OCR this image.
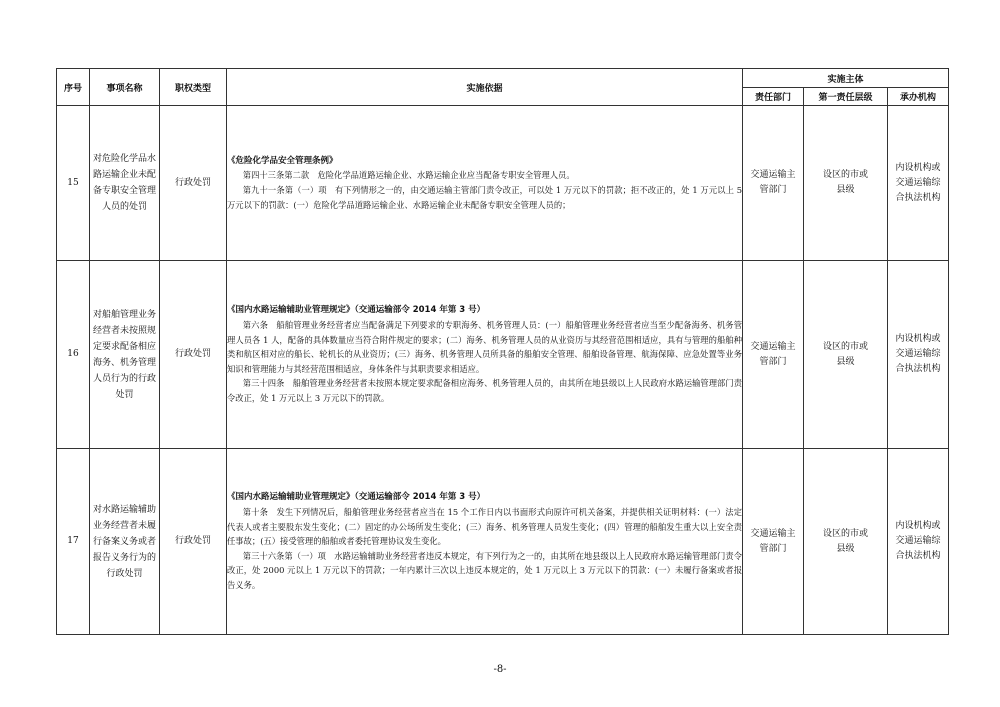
序号	事项名称	职权类型	实施依据	实施主体		
				责任部门	第一责任层级	承办机构
15	对危险化学品水路运输企业未配备专职安全管理人员的处罚	行政处罚	《危险化学品安全管理条例》

第四十三条第二款　危险化学品道路运输企业、水路运输企业应当配备专职安全管理人员。

第九十一条第（一）项　有下列情形之一的，由交通运输主管部门责令改正，可以处 1 万元以下的罚款；拒不改正的，处 1 万元以上 5 万元以下的罚款：(一）危险化学品道路运输企业、水路运输企业未配备专职安全管理人员的；	交通运输主管部门	设区的市或县级	内设机构或交通运输综合执法机构
16	对船舶管理业务经营者未按照规定要求配备相应海务、机务管理人员行为的行政处罚	行政处罚	《国内水路运输辅助业管理规定》（交通运输部令 2014 年第 3 号）

第六条　船舶管理业务经营者应当配备满足下列要求的专职海务、机务管理人员：(一）船舶管理业务经营者应当至少配备海务、机务管理人员各 1 人，配备的具体数量应当符合附件规定的要求；(二）海务、机务管理人员的从业资历与其经营范围相适应，具有与管理的船舶种类和航区相对应的船长、轮机长的从业资历；(三）海务、机务管理人员所具备的船舶安全管理、船舶设备管理、航海保障、应急处置等业务知识和管理能力与其经营范围相适应，身体条件与其职责要求相适应。

第三十四条　船舶管理业务经营者未按照本规定要求配备相应海务、机务管理人员的，由其所在地县级以上人民政府水路运输管理部门责令改正，处 1 万元以上 3 万元以下的罚款。	交通运输主管部门	设区的市或县级	内设机构或交通运输综合执法机构
17	对水路运输辅助业务经营者未履行备案义务或者报告义务行为的行政处罚	行政处罚	《国内水路运输辅助业管理规定》（交通运输部令 2014 年第 3 号）

第十条　发生下列情况后，船舶管理业务经营者应当在 15 个工作日内以书面形式向原许可机关备案，并提供相关证明材料：(一）法定代表人或者主要股东发生变化；(二）固定的办公场所发生变化；(三）海务、机务管理人员发生变化；(四）管理的船舶发生重大以上安全责任事故；(五）接受管理的船舶或者委托管理协议发生变化。

第三十六条第（一）项　水路运输辅助业务经营者违反本规定，有下列行为之一的，由其所在地县级以上人民政府水路运输管理部门责令改正，处 2000 元以上 1 万元以下的罚款；一年内累计三次以上违反本规定的，处 1 万元以上 3 万元以下的罚款：(一）未履行备案或者报告义务。	交通运输主管部门	设区的市或县级	内设机构或交通运输综合执法机构
-8-
